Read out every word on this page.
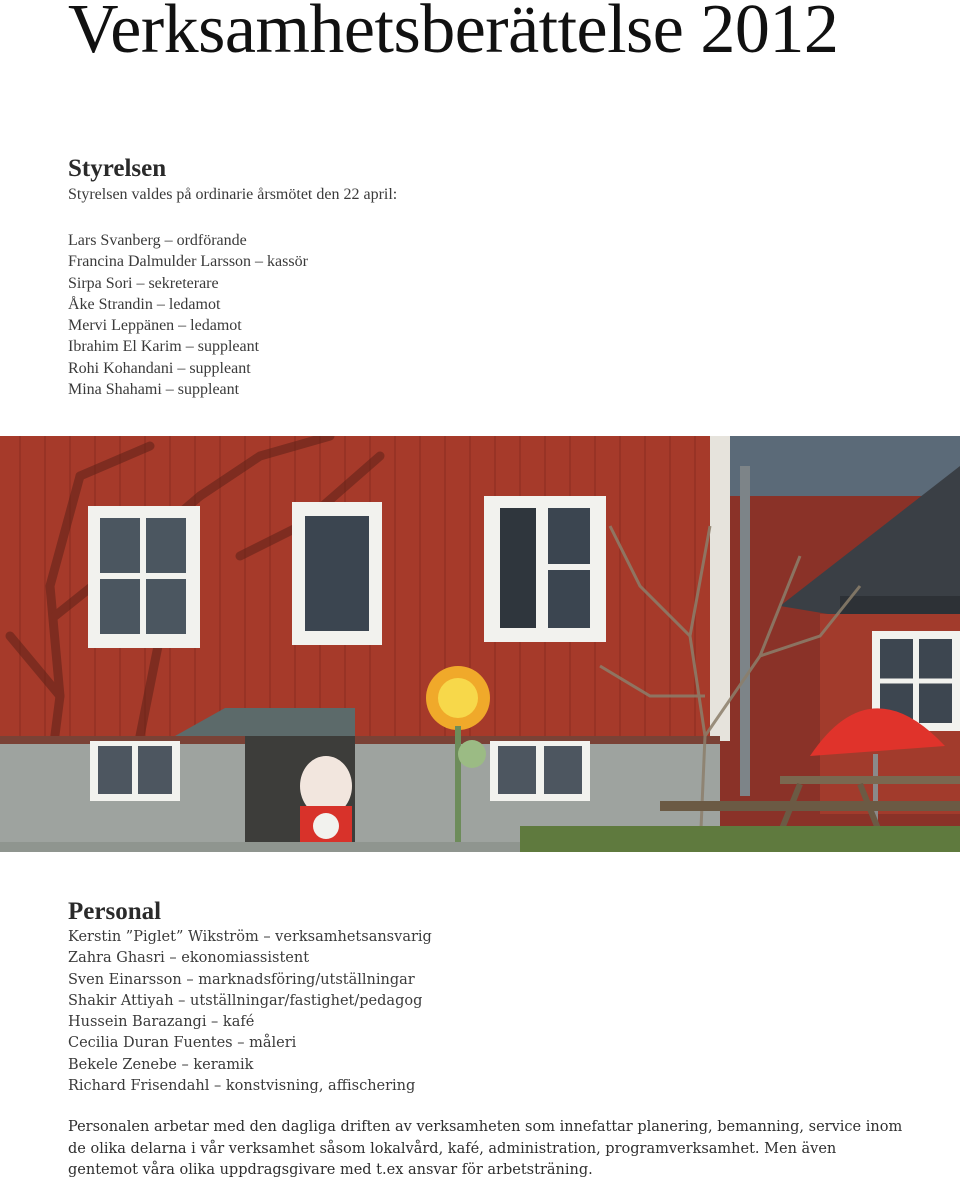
Verksamhetsberättelse 2012
Styrelsen
Styrelsen valdes på ordinarie årsmötet den 22 april:
Lars Svanberg – ordförande
Francina Dalmulder Larsson – kassör
Sirpa Sori – sekreterare
Åke Strandin – ledamot
Mervi Leppänen – ledamot
Ibrahim El Karim – suppleant
Rohi Kohandani – suppleant
Mina Shahami – suppleant
Personal
Kerstin ”Piglet” Wikström – verksamhetsansvarig
Zahra Ghasri – ekonomiassistent
Sven Einarsson – marknadsföring/utställningar
Shakir Attiyah – utställningar/fastighet/pedagog
Hussein Barazangi – kafé
Cecilia Duran Fuentes – måleri
Bekele Zenebe – keramik
Richard Frisendahl – konstvisning, affischering

Personalen arbetar med den dagliga driften av verksamheten som innefattar planering, bemanning, service inom de olika delarna i vår verksamhet såsom lokalvård, kafé, administration, programverksamhet. Men även gentemot våra olika uppdragsgivare med t.ex ansvar för arbetsträning.
